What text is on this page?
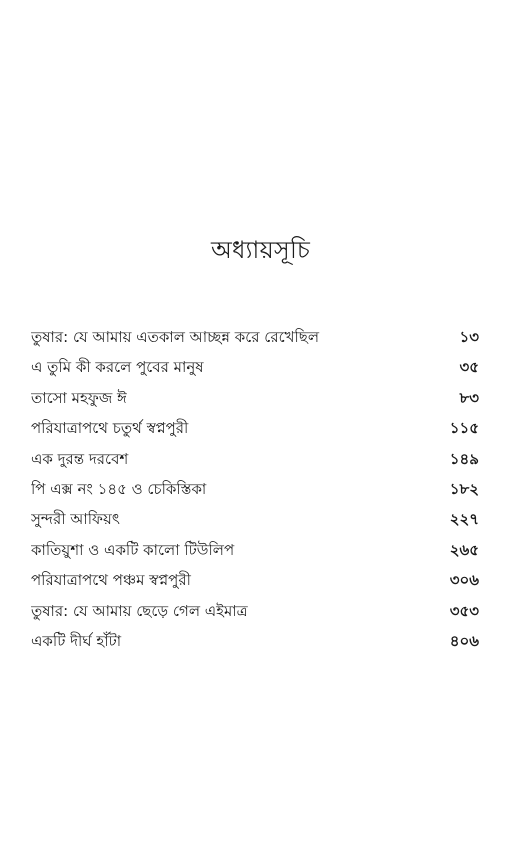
অধ্যায়সূচি
তুষার: যে আমায় এতকাল আচ্ছন্ন করে রেখেছিল	১৩
এ তুমি কী করলে পুবের মানুষ	৩৫
তাসো মহফুজ ঈ	৮৩
পরিযাত্রাপথে চতুর্থ স্বপ্নপুরী	১১৫
এক দুরন্ত দরবেশ	১৪৯
পি এক্স নং ১৪৫ ও চেকিস্তিকা	১৮২
সুন্দরী আফিয়ৎ	২২৭
কাতিয়ুশা ও একটি কালো টিউলিপ	২৬৫
পরিযাত্রাপথে পঞ্চম স্বপ্নপুরী	৩০৬
তুষার: যে আমায় ছেড়ে গেল এইমাত্র	৩৫৩
একটি দীর্ঘ হাঁটা	৪০৬
